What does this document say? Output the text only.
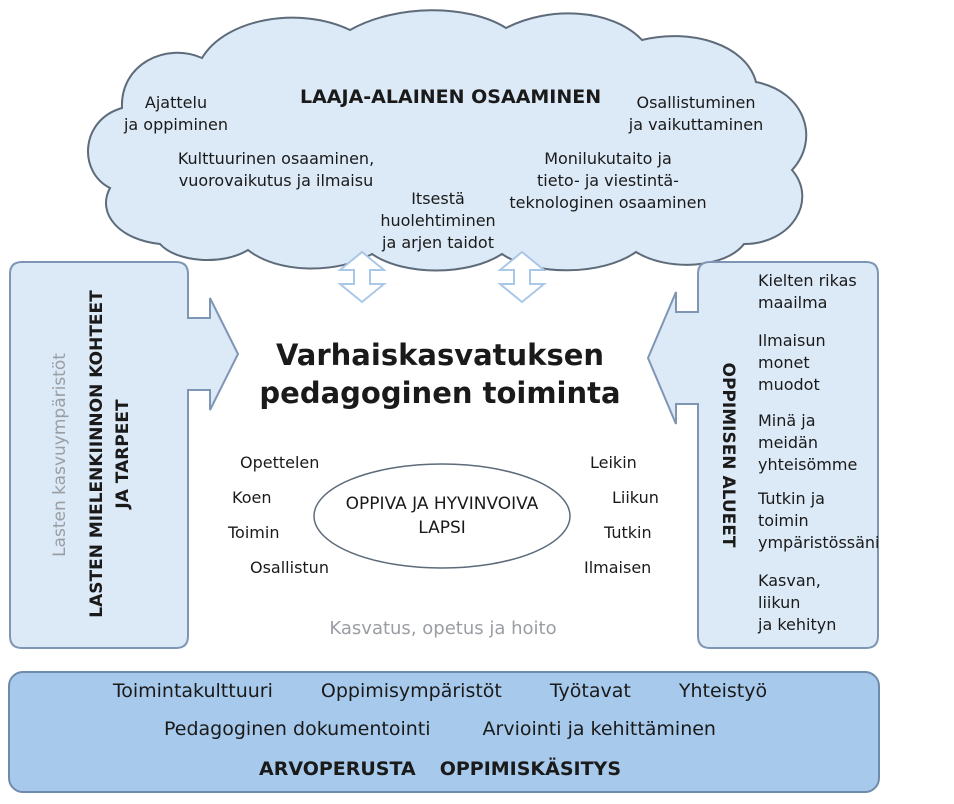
LAAJA-ALAINEN OSAAMINEN
Ajattelu
ja oppiminen
Kulttuurinen osaaminen,
vuorovaikutus ja ilmaisu
Itsestä
huolehtiminen
ja arjen taidot
Monilukutaito ja
tieto- ja viestintä-
teknologinen osaaminen
Osallistuminen
ja vaikuttaminen
Lasten kasvuympäristöt LASTEN MIELENKIINNON KOHTEET JA TARPEET	OPPIMISEN ALUEET
Kielten rikas
maailma
Ilmaisun
monet
muodot
Minä ja
meidän
yhteisömme
Tutkin ja
toimin
ympäristössäni
Kasvan,
liikun
ja kehityn
Varhaiskasvatuksen
pedagoginen toiminta
OPPIVA JA HYVINVOIVA
LAPSI
Opettelen
Koen
Toimin
Osallistun
Leikin
Liikun
Tutkin
Ilmaisen
Kasvatus, opetus ja hoito
Toimintakulttuuri	Oppimisympäristöt	Työtavat	Yhteistyö
Pedagoginen dokumentointi	Arviointi ja kehittäminen
ARVOPERUSTA OPPIMISKÄSITYS
